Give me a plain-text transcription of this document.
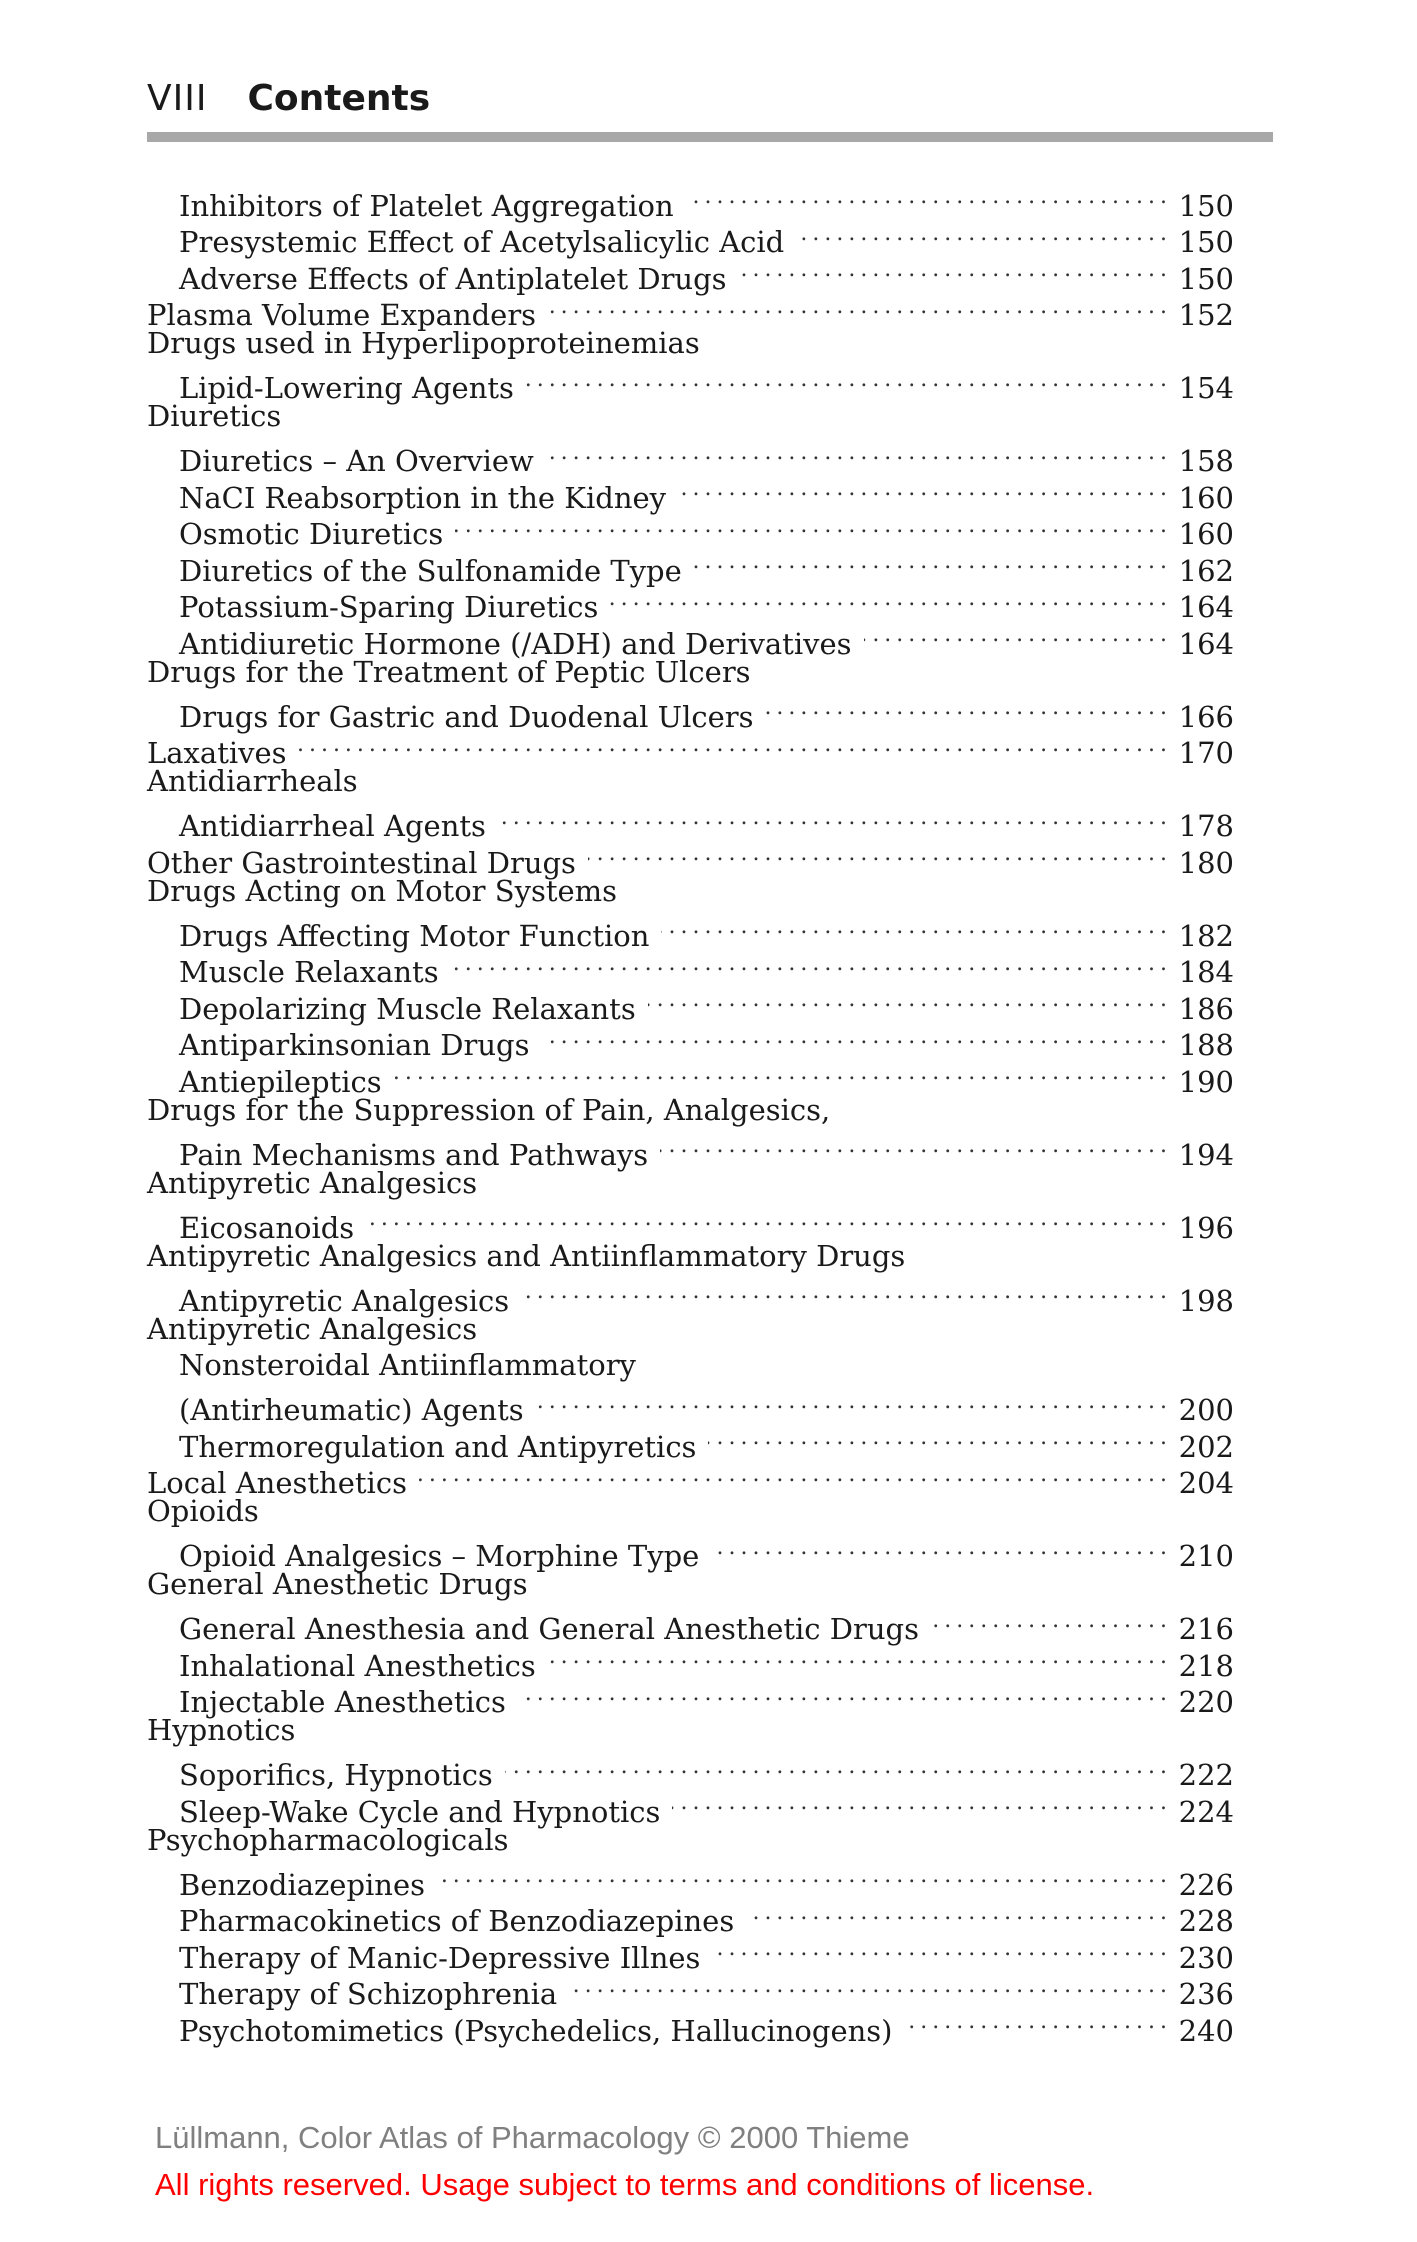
VIII Contents
Inhibitors of Platelet Aggregation . . .	150
Presystemic Effect of Acetylsalicylic Acid . . .	150
Adverse Effects of Antiplatelet Drugs . . .	150
Plasma Volume Expanders . . .	152
Drugs used in Hyperlipoproteinemias
Lipid-Lowering Agents . . .	154
Diuretics
Diuretics – An Overview . . .	158
NaCI Reabsorption in the Kidney . . .	160
Osmotic Diuretics . . .	160
Diuretics of the Sulfonamide Type . . .	162
Potassium-Sparing Diuretics . . .	164
Antidiuretic Hormone (/ADH) and Derivatives . . .	164
Drugs for the Treatment of Peptic Ulcers
Drugs for Gastric and Duodenal Ulcers . . .	166
Laxatives . . .	170
Antidiarrheals
Antidiarrheal Agents . . .	178
Other Gastrointestinal Drugs . . .	180
Drugs Acting on Motor Systems
Drugs Affecting Motor Function . . .	182
Muscle Relaxants . . .	184
Depolarizing Muscle Relaxants . . .	186
Antiparkinsonian Drugs . . .	188
Antiepileptics . . .	190
Drugs for the Suppression of Pain, Analgesics,
Pain Mechanisms and Pathways . . .	194
Antipyretic Analgesics
Eicosanoids . . .	196
Antipyretic Analgesics and Antiinflammatory Drugs
Antipyretic Analgesics . . .	198
Antipyretic Analgesics
Nonsteroidal Antiinflammatory
(Antirheumatic) Agents . . .	200
Thermoregulation and Antipyretics . . .	202
Local Anesthetics . . .	204
Opioids
Opioid Analgesics – Morphine Type . . .	210
General Anesthetic Drugs
General Anesthesia and General Anesthetic Drugs . . .	216
Inhalational Anesthetics . . .	218
Injectable Anesthetics . . .	220
Hypnotics
Soporifics, Hypnotics . . .	222
Sleep-Wake Cycle and Hypnotics . . .	224
Psychopharmacologicals
Benzodiazepines . . .	226
Pharmacokinetics of Benzodiazepines . . .	228
Therapy of Manic-Depressive Illnes . . .	230
Therapy of Schizophrenia . . .	236
Psychotomimetics (Psychedelics, Hallucinogens) . . .	240
Lüllmann, Color Atlas of Pharmacology © 2000 Thieme
All rights reserved. Usage subject to terms and conditions of license.
